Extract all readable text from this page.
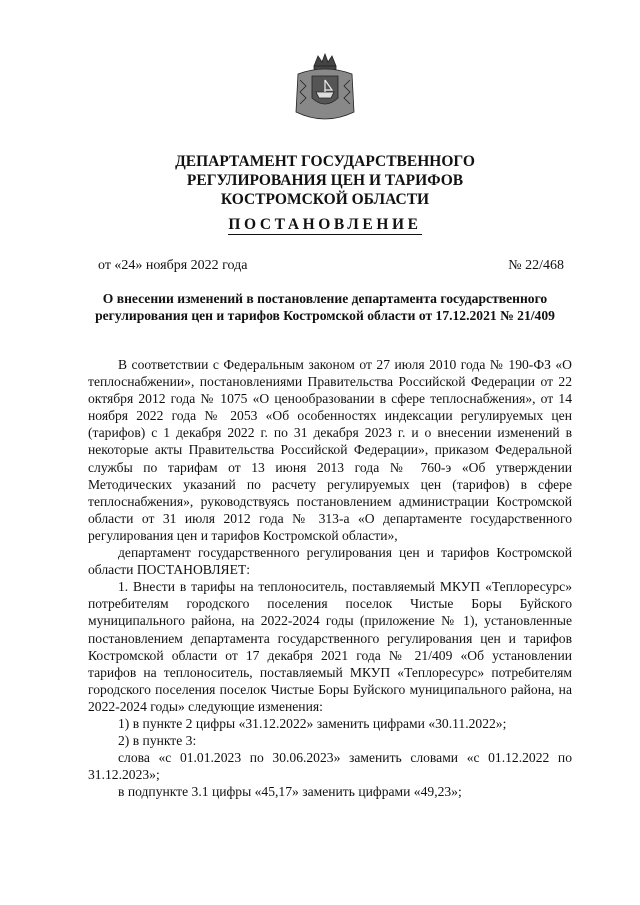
ДЕПАРТАМЕНТ ГОСУДАРСТВЕННОГО
РЕГУЛИРОВАНИЯ ЦЕН И ТАРИФОВ
КОСТРОМСКОЙ ОБЛАСТИ
ПОСТАНОВЛЕНИЕ
от «24» ноября 2022 года	№ 22/468
О внесении изменений в постановление департамента государственного
регулирования цен и тарифов Костромской области от 17.12.2021 № 21/409

В соответствии с Федеральным законом от 27 июля 2010 года № 190-ФЗ «О теплоснабжении», постановлениями Правительства Российской Федерации от 22 октября 2012 года № 1075 «О ценообразовании в сфере теплоснабжения», от 14 ноября 2022 года № 2053 «Об особенностях индексации регулируемых цен (тарифов) с 1 декабря 2022 г. по 31 декабря 2023 г. и о внесении изменений в некоторые акты Правительства Российской Федерации», приказом Федеральной службы по тарифам от 13 июня 2013 года № 760-э «Об утверждении Методических указаний по расчету регулируемых цен (тарифов) в сфере теплоснабжения», руководствуясь постановлением администрации Костромской области от 31 июля 2012 года № 313-а «О департаменте государственного регулирования цен и тарифов Костромской области»,

департамент государственного регулирования цен и тарифов Костромской области ПОСТАНОВЛЯЕТ:

1. Внести в тарифы на теплоноситель, поставляемый МКУП «Теплоресурс» потребителям городского поселения поселок Чистые Боры Буйского муниципального района, на 2022-2024 годы (приложение № 1), установленные постановлением департамента государственного регулирования цен и тарифов Костромской области от 17 декабря 2021 года № 21/409 «Об установлении тарифов на теплоноситель, поставляемый МКУП «Теплоресурс» потребителям городского поселения поселок Чистые Боры Буйского муниципального района, на 2022-2024 годы» следующие изменения:

1) в пункте 2 цифры «31.12.2022» заменить цифрами «30.11.2022»;

2) в пункте 3:

слова «с 01.01.2023 по 30.06.2023» заменить словами «с 01.12.2022 по 31.12.2023»;

в подпункте 3.1 цифры «45,17» заменить цифрами «49,23»;
